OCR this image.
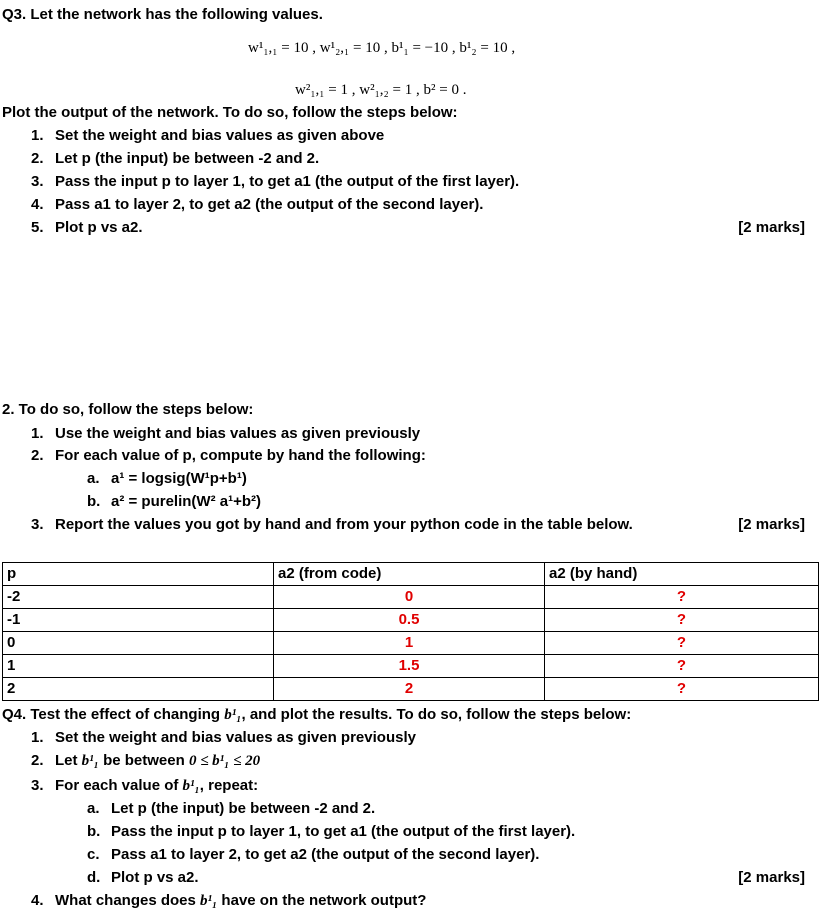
Q3. Let the network has the following values.
w¹₁,₁ = 10 , w¹₂,₁ = 10 , b¹₁ = −10 , b¹₂ = 10 ,
w²₁,₁ = 1 , w²₁,₂ = 1 , b² = 0 .
Plot the output of the network. To do so, follow the steps below:
1. Set the weight and bias values as given above
2. Let p (the input) be between -2 and 2.
3. Pass the input p to layer 1, to get a1 (the output of the first layer).
4. Pass a1 to layer 2, to get a2 (the output of the second layer).
5. Plot p vs a2.	[2 marks]
2. To do so, follow the steps below:
1. Use the weight and bias values as given previously
2. For each value of p, compute by hand the following:
a. a¹ = logsig(W¹p+b¹)
b. a² = purelin(W² a¹+b²)
3. Report the values you got by hand and from your python code in the table below.	[2 marks]
p	a2 (from code)	a2 (by hand)
-2	0	?
-1	0.5	?
0	1	?
1	1.5	?
2	2	?
Q4. Test the effect of changing b¹₁, and plot the results. To do so, follow the steps below:
1. Set the weight and bias values as given previously
2. Let b¹₁ be between 0 ≤ b¹₁ ≤ 20
3. For each value of b¹₁, repeat:
a. Let p (the input) be between -2 and 2.
b. Pass the input p to layer 1, to get a1 (the output of the first layer).
c. Pass a1 to layer 2, to get a2 (the output of the second layer).
d. Plot p vs a2.	[2 marks]
4. What changes does b¹₁ have on the network output?
